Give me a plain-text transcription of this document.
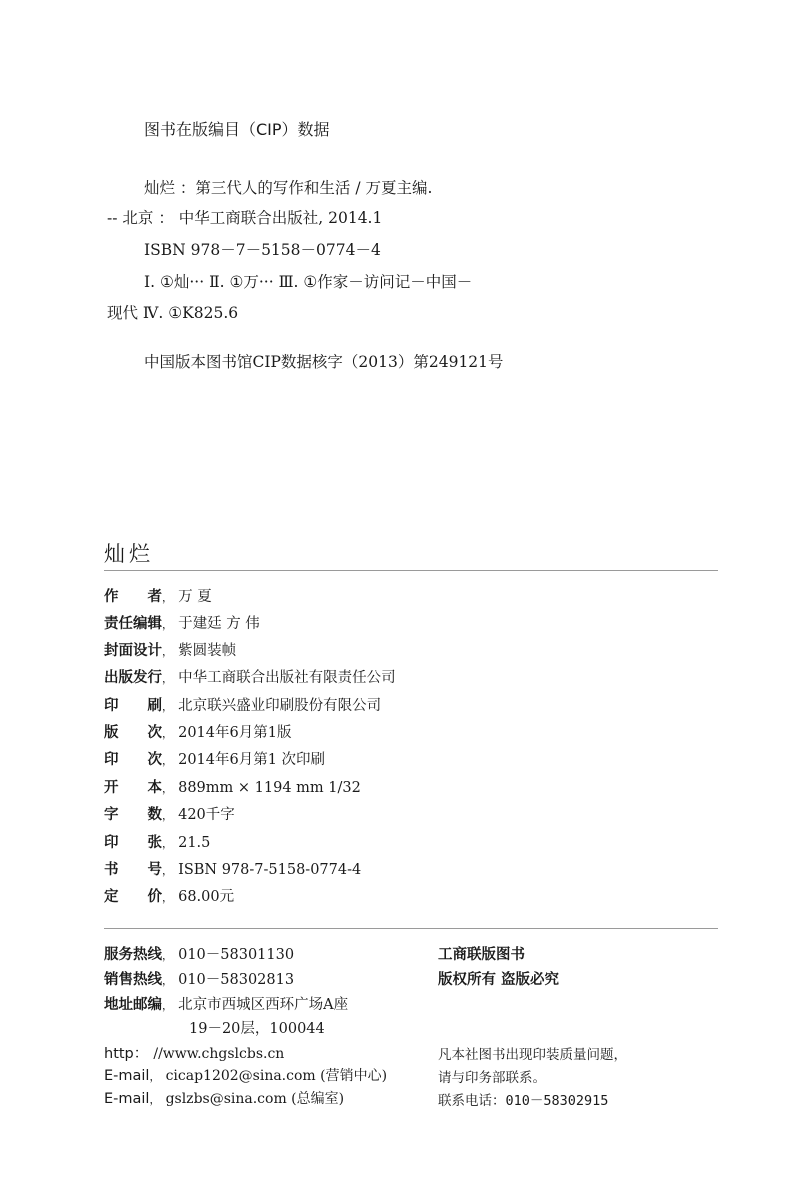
图书在版编目（CIP）数据
灿烂 ：第三代人的写作和生活 / 万夏主编.
-- 北京 ： 中华工商联合出版社, 2014.1
ISBN 978－7－5158－0774－4
Ⅰ. ①灿··· Ⅱ. ①万··· Ⅲ. ①作家－访问记－中国－
现代 Ⅳ. ①K825.6
中国版本图书馆CIP数据核字（2013）第249121号
灿烂
作者， 万 夏
责任编辑， 于建廷 方 伟
封面设计， 紫圆装帧
出版发行， 中华工商联合出版社有限责任公司
印刷， 北京联兴盛业印刷股份有限公司
版次， 2014年6月第1版
印次， 2014年6月第1 次印刷
开本， 889mm × 1194 mm 1/32
字数， 420千字
印张， 21.5
书号， ISBN 978-7-5158-0774-4
定价， 68.00元
服务热线， 010－58301130
销售热线， 010－58302813
地址邮编， 北京市西城区西环广场A座
19－20层，100044
工商联版图书
版权所有 盗版必究
http： //www.chgslcbs.cn
E-mail， cicap1202@sina.com (营销中心)
E-mail， gslzbs@sina.com (总编室)
凡本社图书出现印装质量问题，
请与印务部联系。
联系电话：010－58302915
